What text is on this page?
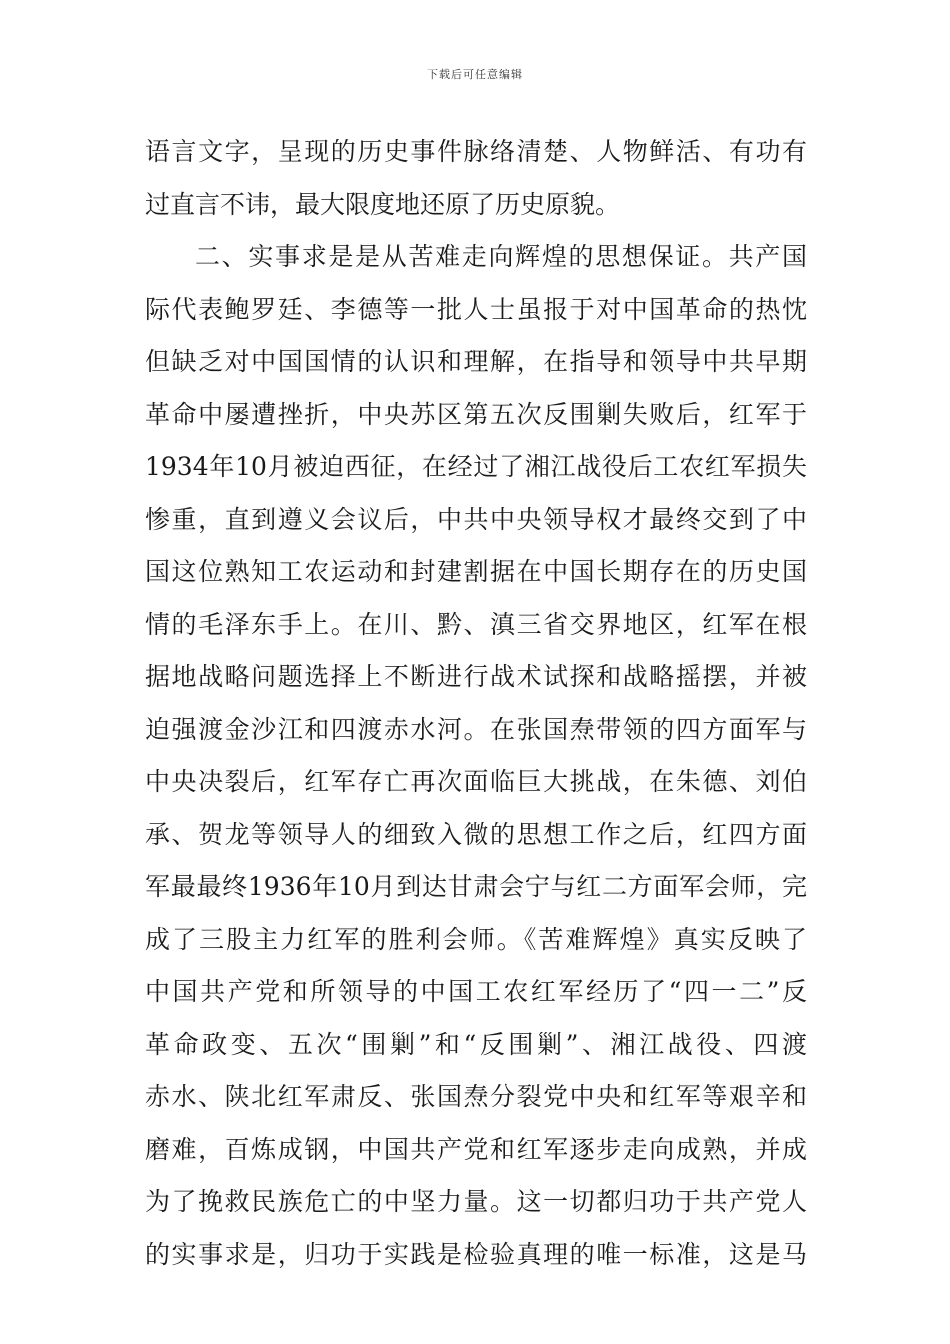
下载后可任意编辑
语言文字，呈现的历史事件脉络清楚、人物鲜活、有功有
过直言不讳，最大限度地还原了历史原貌。
二、实事求是是从苦难走向辉煌的思想保证。共产国
际代表鲍罗廷、李德等一批人士虽报于对中国革命的热忱
但缺乏对中国国情的认识和理解，在指导和领导中共早期
革命中屡遭挫折，中央苏区第五次反围剿失败后，红军于
1934年10月被迫西征，在经过了湘江战役后工农红军损失
惨重，直到遵义会议后，中共中央领导权才最终交到了中
国这位熟知工农运动和封建割据在中国长期存在的历史国
情的毛泽东手上。在川、黔、滇三省交界地区，红军在根
据地战略问题选择上不断进行战术试探和战略摇摆，并被
迫强渡金沙江和四渡赤水河。在张国焘带领的四方面军与
中央决裂后，红军存亡再次面临巨大挑战，在朱德、刘伯
承、贺龙等领导人的细致入微的思想工作之后，红四方面
军最最终1936年10月到达甘肃会宁与红二方面军会师，完
成了三股主力红军的胜利会师。《苦难辉煌》真实反映了
中国共产党和所领导的中国工农红军经历了“四一二”反
革命政变、五次“围剿”和“反围剿”、湘江战役、四渡
赤水、陕北红军肃反、张国焘分裂党中央和红军等艰辛和
磨难，百炼成钢，中国共产党和红军逐步走向成熟，并成
为了挽救民族危亡的中坚力量。这一切都归功于共产党人
的实事求是，归功于实践是检验真理的唯一标准，这是马
